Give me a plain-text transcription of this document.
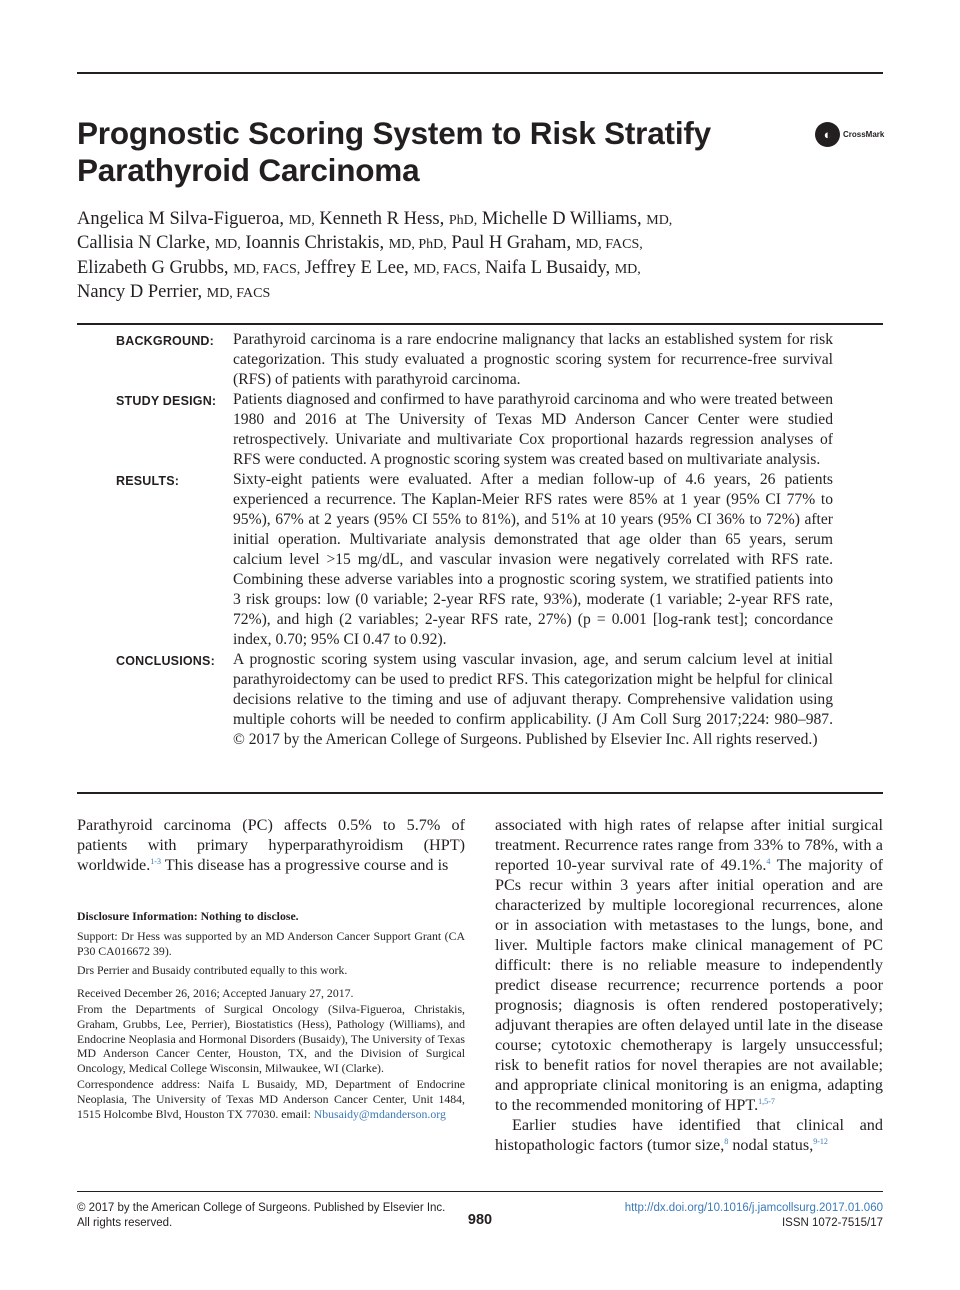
Prognostic Scoring System to Risk Stratify Parathyroid Carcinoma
◐	CrossMark
Angelica M Silva-Figueroa, MD, Kenneth R Hess, PhD, Michelle D Williams, MD,
Callisia N Clarke, MD, Ioannis Christakis, MD, PhD, Paul H Graham, MD, FACS,
Elizabeth G Grubbs, MD, FACS, Jeffrey E Lee, MD, FACS, Naifa L Busaidy, MD,
Nancy D Perrier, MD, FACS
BACKGROUND:	Parathyroid carcinoma is a rare endocrine malignancy that lacks an established system for risk categorization. This study evaluated a prognostic scoring system for recurrence-free survival (RFS) of patients with parathyroid carcinoma.
STUDY DESIGN:	Patients diagnosed and confirmed to have parathyroid carcinoma and who were treated between 1980 and 2016 at The University of Texas MD Anderson Cancer Center were studied retrospectively. Univariate and multivariate Cox proportional hazards regression analyses of RFS were conducted. A prognostic scoring system was created based on multivariate analysis.
RESULTS:	Sixty-eight patients were evaluated. After a median follow-up of 4.6 years, 26 patients experienced a recurrence. The Kaplan-Meier RFS rates were 85% at 1 year (95% CI 77% to 95%), 67% at 2 years (95% CI 55% to 81%), and 51% at 10 years (95% CI 36% to 72%) after initial operation. Multivariate analysis demonstrated that age older than 65 years, serum calcium level >15 mg/dL, and vascular invasion were negatively correlated with RFS rate. Combining these adverse variables into a prognostic scoring system, we stratified patients into 3 risk groups: low (0 variable; 2-year RFS rate, 93%), moderate (1 variable; 2-year RFS rate, 72%), and high (2 variables; 2-year RFS rate, 27%) (p = 0.001 [log-rank test]; concordance index, 0.70; 95% CI 0.47 to 0.92).
CONCLUSIONS:	A prognostic scoring system using vascular invasion, age, and serum calcium level at initial parathyroidectomy can be used to predict RFS. This categorization might be helpful for clinical decisions relative to the timing and use of adjuvant therapy. Comprehensive validation using multiple cohorts will be needed to confirm applicability. (J Am Coll Surg 2017;224: 980–987. © 2017 by the American College of Surgeons. Published by Elsevier Inc. All rights reserved.)

Parathyroid carcinoma (PC) affects 0.5% to 5.7% of patients with primary hyperparathyroidism (HPT) worldwide.$^{1-3}$ This disease has a progressive course and is

Disclosure Information: Nothing to disclose.

Support: Dr Hess was supported by an MD Anderson Cancer Support Grant (CA P30 CA016672 39).

Drs Perrier and Busaidy contributed equally to this work.

Received December 26, 2016; Accepted January 27, 2017.

From the Departments of Surgical Oncology (Silva-Figueroa, Christakis, Graham, Grubbs, Lee, Perrier), Biostatistics (Hess), Pathology (Williams), and Endocrine Neoplasia and Hormonal Disorders (Busaidy), The University of Texas MD Anderson Cancer Center, Houston, TX, and the Division of Surgical Oncology, Medical College Wisconsin, Milwaukee, WI (Clarke).

Correspondence address: Naifa L Busaidy, MD, Department of Endocrine Neoplasia, The University of Texas MD Anderson Cancer Center, Unit 1484, 1515 Holcombe Blvd, Houston TX 77030. email: Nbusaidy@mdanderson.org

associated with high rates of relapse after initial surgical treatment. Recurrence rates range from 33% to 78%, with a reported 10-year survival rate of 49.1%.$^4$ The majority of PCs recur within 3 years after initial operation and are characterized by multiple locoregional recurrences, alone or in association with metastases to the lungs, bone, and liver. Multiple factors make clinical management of PC difficult: there is no reliable measure to independently predict disease recurrence; recurrence portends a poor prognosis; diagnosis is often rendered postoperatively; adjuvant therapies are often delayed until late in the disease course; cytotoxic chemotherapy is largely unsuccessful; risk to benefit ratios for novel therapies are not available; and appropriate clinical monitoring is an enigma, adapting to the recommended monitoring of HPT.$^{1,5-7}$

Earlier studies have identified that clinical and histopathologic factors (tumor size,$^8$ nodal status,$^{9-12}$

© 2017 by the American College of Surgeons. Published by Elsevier Inc.
All rights reserved.	980
http://dx.doi.org/10.1016/j.jamcollsurg.2017.01.060
ISSN 1072-7515/17
